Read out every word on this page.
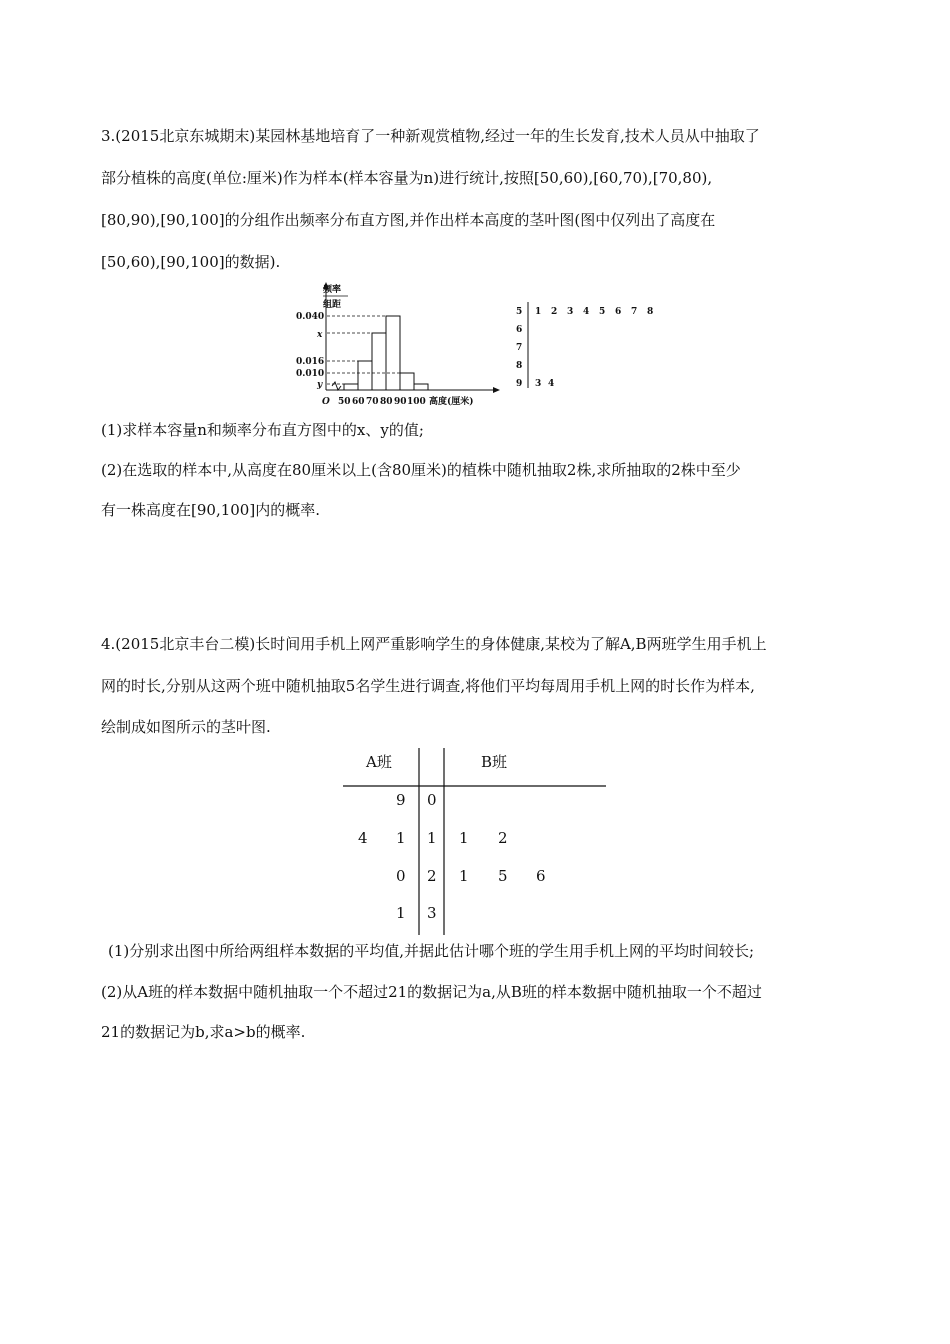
3.(2015北京东城期末)某园林基地培育了一种新观赏植物,经过一年的生长发育,技术人员从中抽取了
部分植株的高度(单位:厘米)作为样本(样本容量为n)进行统计,按照[50,60),[60,70),[70,80),
[80,90),[90,100]的分组作出频率分布直方图,并作出样本高度的茎叶图(图中仅列出了高度在
[50,60),[90,100]的数据).
频率
组距
0.040
x
0.016
0.010
y
O 50 60 70 80 90 100 高度(厘米)
5
6
7
8
9
1 2 3 4 5 6 7 8
3 4
(1)求样本容量n和频率分布直方图中的x、y的值;
(2)在选取的样本中,从高度在80厘米以上(含80厘米)的植株中随机抽取2株,求所抽取的2株中至少
有一株高度在[90,100]内的概率.
4.(2015北京丰台二模)长时间用手机上网严重影响学生的身体健康,某校为了解A,B两班学生用手机上
网的时长,分别从这两个班中随机抽取5名学生进行调查,将他们平均每周用手机上网的时长作为样本,
绘制成如图所示的茎叶图.
A班	B班
9 0
4 1 1 1 2
0 2 1 5 6
1 3
(1)分别求出图中所给两组样本数据的平均值,并据此估计哪个班的学生用手机上网的平均时间较长;
(2)从A班的样本数据中随机抽取一个不超过21的数据记为a,从B班的样本数据中随机抽取一个不超过
21的数据记为b,求a>b的概率.
